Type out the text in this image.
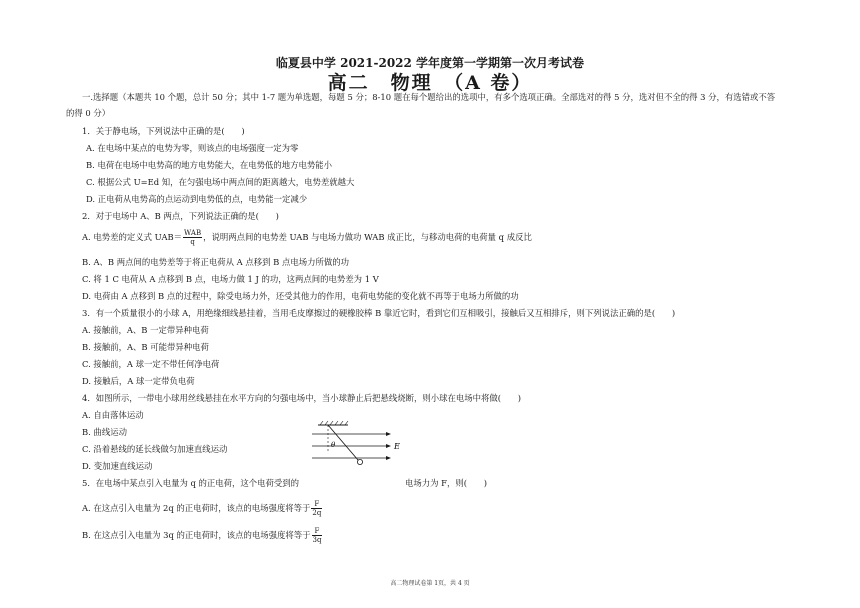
临夏县中学 2021-2022 学年度第一学期第一次月考试卷
高二　物理　（A 卷）
一.选择题（本题共 10 个题，总计 50 分；其中 1-7 题为单选题，每题 5 分；8-10 题在每个题给出的选项中，有多个选项正确。全部选对的得 5 分，选对但不全的得 3 分，有选错或不答
的得 0 分）
1．关于静电场，下列说法中正确的是(　　)
A. 在电场中某点的电势为零，则该点的电场强度一定为零
B. 电荷在电场中电势高的地方电势能大，在电势低的地方电势能小
C. 根据公式 U=Ed 知，在匀强电场中两点间的距离越大，电势差就越大
D. 正电荷从电势高的点运动到电势低的点，电势能一定减少
2．对于电场中 A、B 两点，下列说法正确的是(　　)
A. 电势差的定义式 $UAB= \frac{\text{WAB}}{q}$ ，说明两点间的电势差 UAB 与电场力做功 WAB 成正比，与移动电荷的电荷量 q 成反比
B. A、B 两点间的电势差等于将正电荷从 A 点移到 B 点电场力所做的功
C. 将 1 C 电荷从 A 点移到 B 点，电场力做 1 J 的功，这两点间的电势差为 1 V
D. 电荷由 A 点移到 B 点的过程中，除受电场力外，还受其他力的作用，电荷电势能的变化就不再等于电场力所做的功
3．有一个质量很小的小球 A，用绝缘细线悬挂着，当用毛皮摩擦过的硬橡胶棒 B 靠近它时，看到它们互相吸引，接触后又互相排斥，则下列说法正确的是(　　)
A. 接触前，A、B 一定带异种电荷
B. 接触前，A、B 可能带异种电荷
C. 接触前，A 球一定不带任何净电荷
D. 接触后，A 球一定带负电荷
4．如图所示，一带电小球用丝线悬挂在水平方向的匀强电场中，当小球静止后把悬线烧断，则小球在电场中将做(　　)
A. 自由落体运动
B. 曲线运动
C. 沿着悬线的延长线做匀加速直线运动
D. 变加速直线运动
θ	E
5．在电场中某点引入电量为 q 的正电荷，这个电荷受到的	电场力为 F，则(　　)
A. 在这点引入电量为 2q 的正电荷时，该点的电场强度将等于 $\frac{F}{2q}$
B. 在这点引入电量为 3q 的正电荷时，该点的电场强度将等于 $\frac{F}{3q}$
高二物理试卷第 1页，共 4 页
